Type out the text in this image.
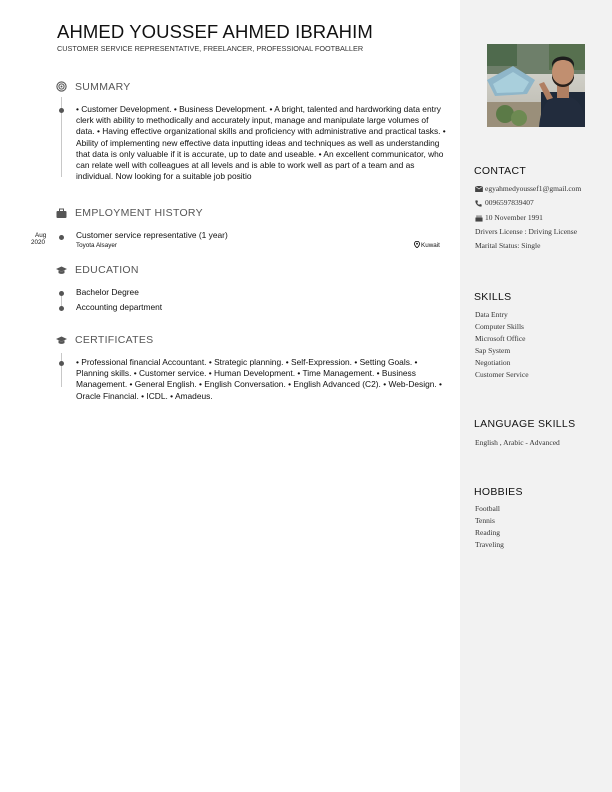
AHMED YOUSSEF AHMED IBRAHIM
CUSTOMER SERVICE REPRESENTATIVE, FREELANCER, PROFESSIONAL FOOTBALLER
SUMMARY
• Customer Development. • Business Development. • A bright, talented and hardworking data entry clerk with ability to methodically and accurately input, manage and manipulate large volumes of data. • Having effective organizational skills and proficiency with administrative and practical tasks. • Ability of implementing new effective data inputting ideas and techniques as well as understanding that data is only valuable if it is accurate, up to date and useable. • An excellent communicator, who can relate well with colleagues at all levels and is able to work well as part of a team and as individual. Now looking for a suitable job positio
EMPLOYMENT HISTORY
Aug
2020
Customer service representative (1 year)
Toyota Alsayer	Kuwait
EDUCATION
Bachelor Degree
Accounting department
CERTIFICATES
• Professional financial Accountant. • Strategic planning. • Self-Expression. • Setting Goals. • Planning skills. • Customer service. • Human Development. • Time Management. • Business Management. • General English. • English Conversation. • English Advanced (C2). • Web-Design. • Oracle Financial. • ICDL. • Amadeus.
CONTACT
egyahmedyoussef1@gmail.com
0096597839407
10 November 1991
Drivers License : Driving License
Marital Status: Single
SKILLS
Data Entry
Computer Skills
Microsoft Office
Sap System
Negotiation
Customer Service
LANGUAGE SKILLS
English , Arabic - Advanced
HOBBIES
Football
Tennis
Reading
Traveling
